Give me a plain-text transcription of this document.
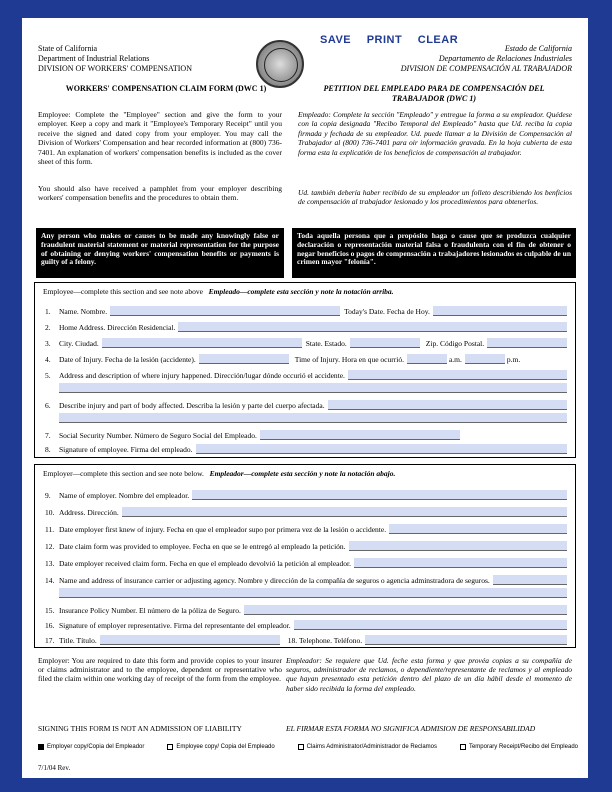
SAVE PRINT CLEAR
State of California
Department of Industrial Relations
DIVISION OF WORKERS' COMPENSATION
Estado de California
Departamento de Relaciones Industriales
DIVISION DE COMPENSACIÓN AL TRABAJADOR
WORKERS' COMPENSATION CLAIM FORM (DWC 1)	PETITION DEL EMPLEADO PARA DE COMPENSACIÓN DEL TRABAJADOR (DWC 1)
Employee: Complete the "Employee" section and give the form to your employer. Keep a copy and mark it "Employee's Temporary Receipt" until you receive the signed and dated copy from your employer. You may call the Division of Workers' Compensation and hear recorded information at (800) 736-7401. An explanation of workers' compensation benefits is included as the cover sheet of this form.
You should also have received a pamphlet from your employer describing workers' compensation benefits and the procedures to obtain them.
Empleado: Complete la sección "Empleado" y entregue la forma a su empleador. Quédese con la copia designada "Recibo Temporal del Empleado" hasta que Ud. reciba la copia firmada y fechada de su empleador. Ud. puede llamar a la División de Compensación al Trabajador al (800) 736-7401 para oir información gravada. En la hoja cubierta de esta forma esta la explicatión de los beneficios de compensación al trabajador.
Ud. también debería haber recibido de su empleador un folleto describiendo los benficios de compensación al trabajador lesionado y los procedimientos para obtenerlos.
Any person who makes or causes to be made any knowingly false or fraudulent material statement or material representation for the purpose of obtaining or denying workers' compensation benefits or payments is guilty of a felony.
Toda aquella persona que a propósito haga o cause que se produzca cualquier declaración o representación material falsa o fraudulenta con el fin de obtener o negar beneficios o pagos de compensación a trabajadores lesionados es culpable de un crimen mayor "felonía".
Employee—complete this section and see note above Empleado—complete esta sección y note la notación arriba.
1.	Name. Nombre.	Today's Date. Fecha de Hoy.
2.	Home Address. Dirección Residencial.
3.	City. Ciudad.	State. Estado.	Zip. Código Postal.
4.	Date of Injury. Fecha de la lesión (accidente).	Time of Injury. Hora en que ocurrió.	a.m.	p.m.
5.	Address and description of where injury happened. Dirección/lugar dónde occurió el accidente.
6.	Describe injury and part of body affected. Describa la lesión y parte del cuerpo afectada.
7.	Social Security Number. Número de Seguro Social del Empleado.
8.	Signature of employee. Firma del empleado.
Employer—complete this section and see note below. Empleador—complete esta sección y note la notación abajo.
9.	Name of employer. Nombre del empleador.
10. Address. Dirección.
11. Date employer first knew of injury. Fecha en que el empleador supo por primera vez de la lesión o accidente.
12. Date claim form was provided to employee. Fecha en que se le entregó al empleado la petición.
13. Date employer received claim form. Fecha en que el empleado devolvió la petición al empleador.
14. Name and address of insurance carrier or adjusting agency. Nombre y dirección de la compañía de seguros o agencia adminstradora de seguros.
15. Insurance Policy Number. El número de la póliza de Seguro.
16. Signature of employer representative. Firma del representante del empleador.
17. Title. Título.	18. Telephone. Teléfono.
Employer: You are required to date this form and provide copies to your insurer or claims administrator and to the employee, dependent or representative who filed the claim within one working day of receipt of the form from the employee.
Empleador: Se requiere que Ud. feche esta forma y que provéa copias a su compañía de seguros, administrador de reclamos, o dependiente/representante de reclamos y al empleado que hayan presentado esta petición dentro del plazo de un día hábil desde el momento de haber sido recibida la forma del empleado.
SIGNING THIS FORM IS NOT AN ADMISSION OF LIABILITY	EL FIRMAR ESTA FORMA NO SIGNIFICA ADMISION DE RESPONSABILIDAD
Employer copy/Copia del Empleador	Employee copy/ Copia del Empleado	Claims Administrator/Administrador de Reclamos	Temporary Receipt/Recibo del Empleado
7/1/04 Rev.
